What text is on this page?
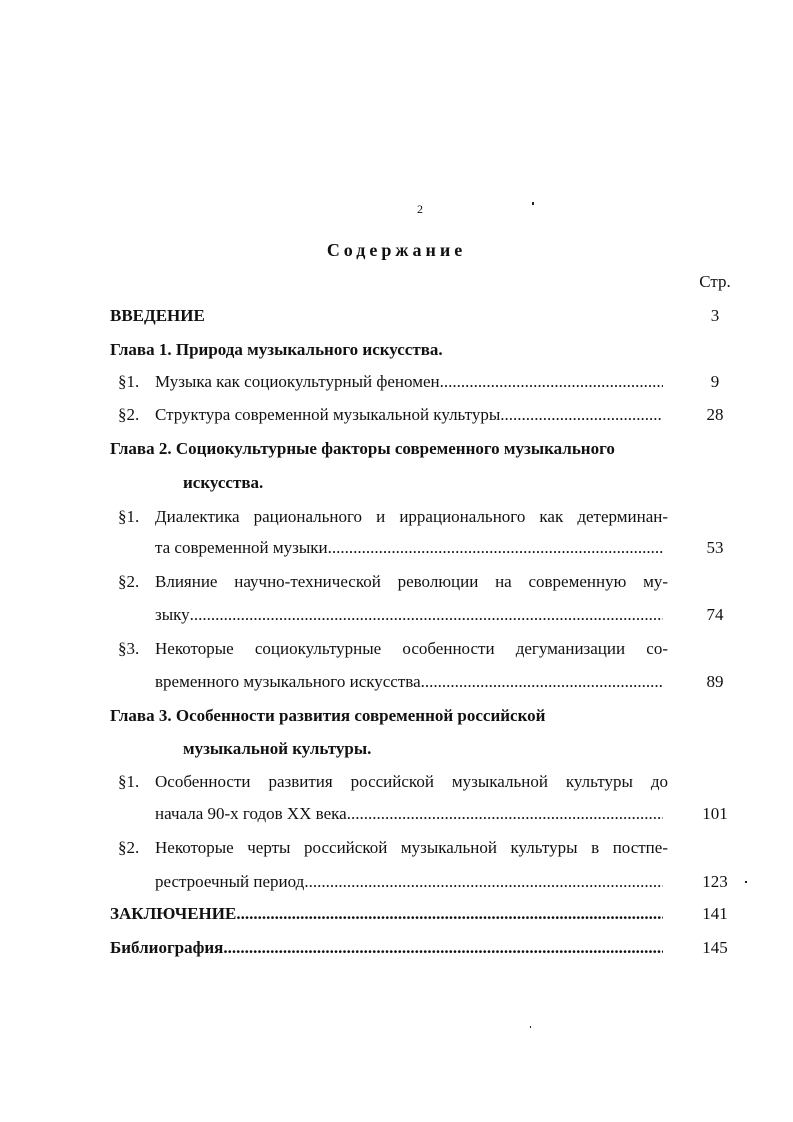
2
Содержание
Стр.
ВВЕДЕНИЕ	3
Глава 1. Природа музыкального искусства.
§1. Музыка как социокультурный феномен .....	9
§2. Структура современной музыкальной культуры .....	28
Глава 2. Социокультурные факторы современного музыкального
искусства.
§1. Диалектика рационального и иррационального как детерминан-
та современной музыки .....	53
§2. Влияние научно-технической революции на современную му-
зыку .....	74
§3. Некоторые социокультурные особенности дегуманизации со-
временного музыкального искусства .....	89
Глава 3. Особенности развития современной российской
музыкальной культуры.
§1. Особенности развития российской музыкальной культуры до
начала 90-х годов XX века .....	101
§2. Некоторые черты российской музыкальной культуры в постпе-
рестроечный период .....	123
ЗАКЛЮЧЕНИЕ .....	141
Библиография .....	145
